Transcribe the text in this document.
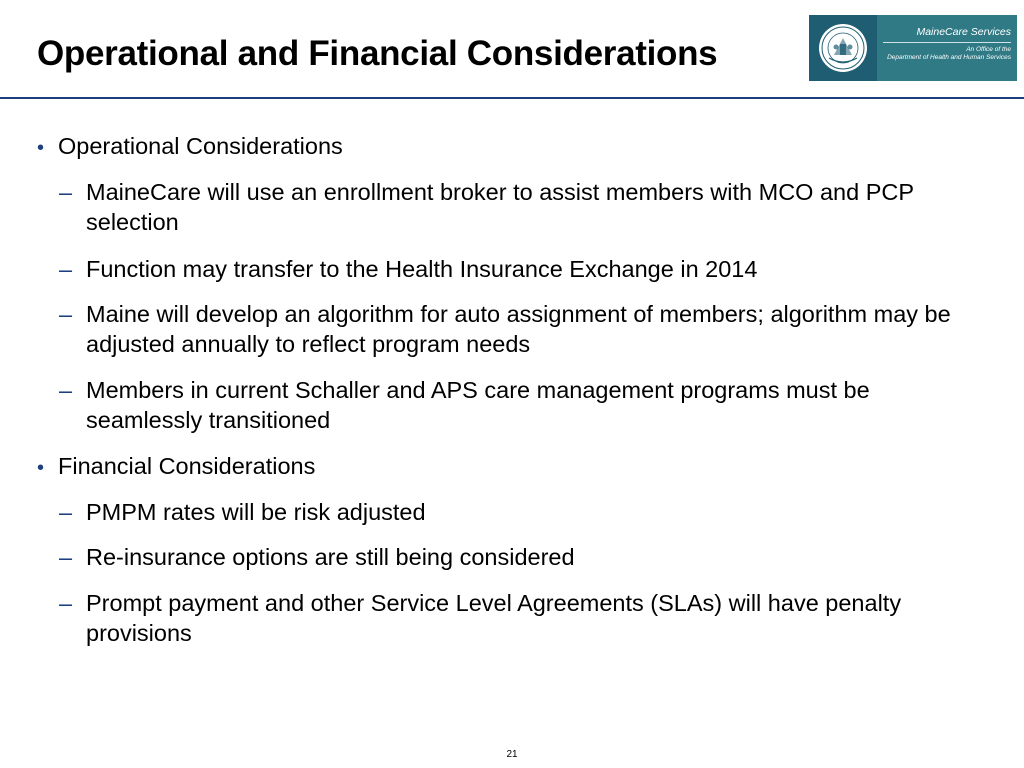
Operational and Financial Considerations
MaineCare Services
An Office of the
Department of Health and Human Services
• Operational Considerations
– MaineCare will use an enrollment broker to assist members with MCO and PCP selection
– Function may transfer to the Health Insurance Exchange in 2014
– Maine will develop an algorithm for auto assignment of members; algorithm may be adjusted annually to reflect program needs
– Members in current Schaller and APS care management programs must be seamlessly transitioned
• Financial Considerations
– PMPM rates will be risk adjusted
– Re-insurance options are still being considered
– Prompt payment and other Service Level Agreements (SLAs) will have penalty provisions
21
